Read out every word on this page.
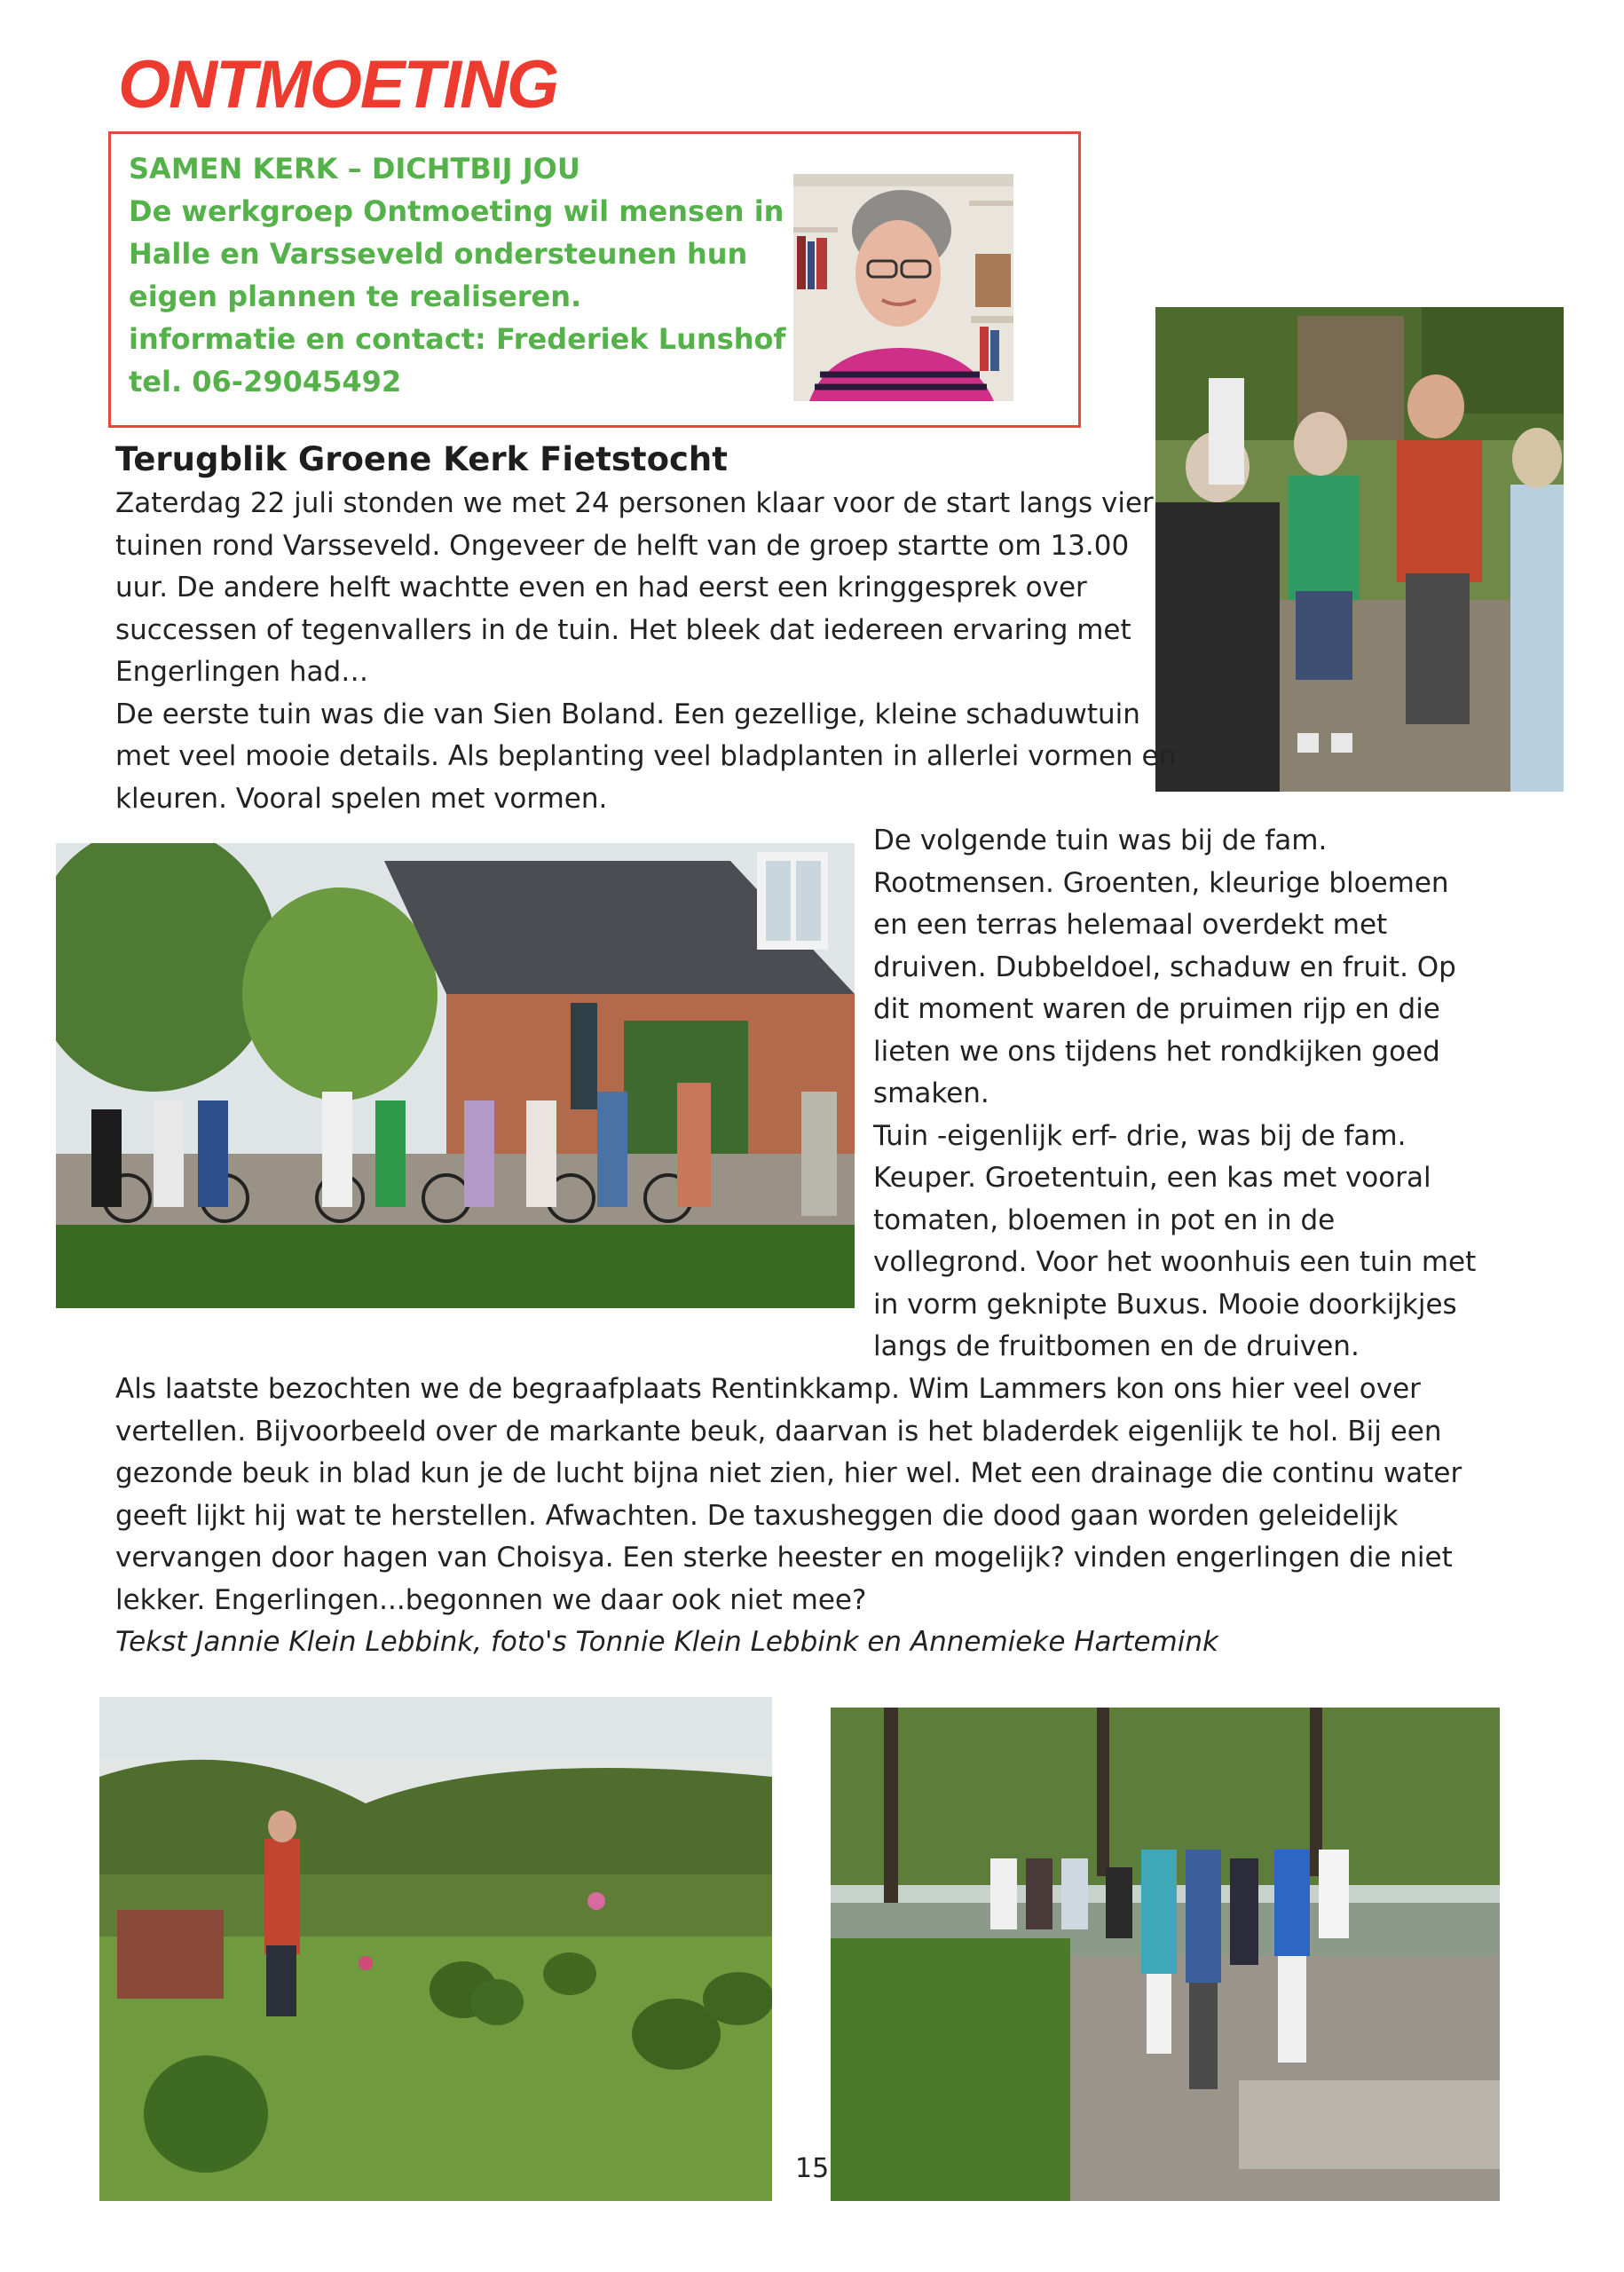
ONTMOETING
SAMEN KERK – DICHTBIJ JOU
De werkgroep Ontmoeting wil mensen in
Halle en Varsseveld ondersteunen hun
eigen plannen te realiseren.
informatie en contact: Frederiek Lunshof
tel. 06-29045492
Terugblik Groene Kerk Fietstocht
Zaterdag 22 juli stonden we met 24 personen klaar voor de start langs vier
tuinen rond Varsseveld. Ongeveer de helft van de groep startte om 13.00
uur. De andere helft wachtte even en had eerst een kringgesprek over
successen of tegenvallers in de tuin. Het bleek dat iedereen ervaring met
Engerlingen had…
De eerste tuin was die van Sien Boland. Een gezellige, kleine schaduwtuin
met veel mooie details. Als beplanting veel bladplanten in allerlei vormen en
kleuren. Vooral spelen met vormen.
De volgende tuin was bij de fam.
Rootmensen. Groenten, kleurige bloemen
en een terras helemaal overdekt met
druiven. Dubbeldoel, schaduw en fruit. Op
dit moment waren de pruimen rijp en die
lieten we ons tijdens het rondkijken goed
smaken.
Tuin -eigenlijk erf- drie, was bij de fam.
Keuper. Groetentuin, een kas met vooral
tomaten, bloemen in pot en in de
vollegrond. Voor het woonhuis een tuin met
in vorm geknipte Buxus. Mooie doorkijkjes
langs de fruitbomen en de druiven.
Als laatste bezochten we de begraafplaats Rentinkkamp. Wim Lammers kon ons hier veel over
vertellen. Bijvoorbeeld over de markante beuk, daarvan is het bladerdek eigenlijk te hol. Bij een
gezonde beuk in blad kun je de lucht bijna niet zien, hier wel. Met een drainage die continu water
geeft lijkt hij wat te herstellen. Afwachten. De taxusheggen die dood gaan worden geleidelijk
vervangen door hagen van Choisya. Een sterke heester en mogelijk? vinden engerlingen die niet
lekker. Engerlingen...begonnen we daar ook niet mee?
Tekst Jannie Klein Lebbink, foto's Tonnie Klein Lebbink en Annemieke Hartemink
15
